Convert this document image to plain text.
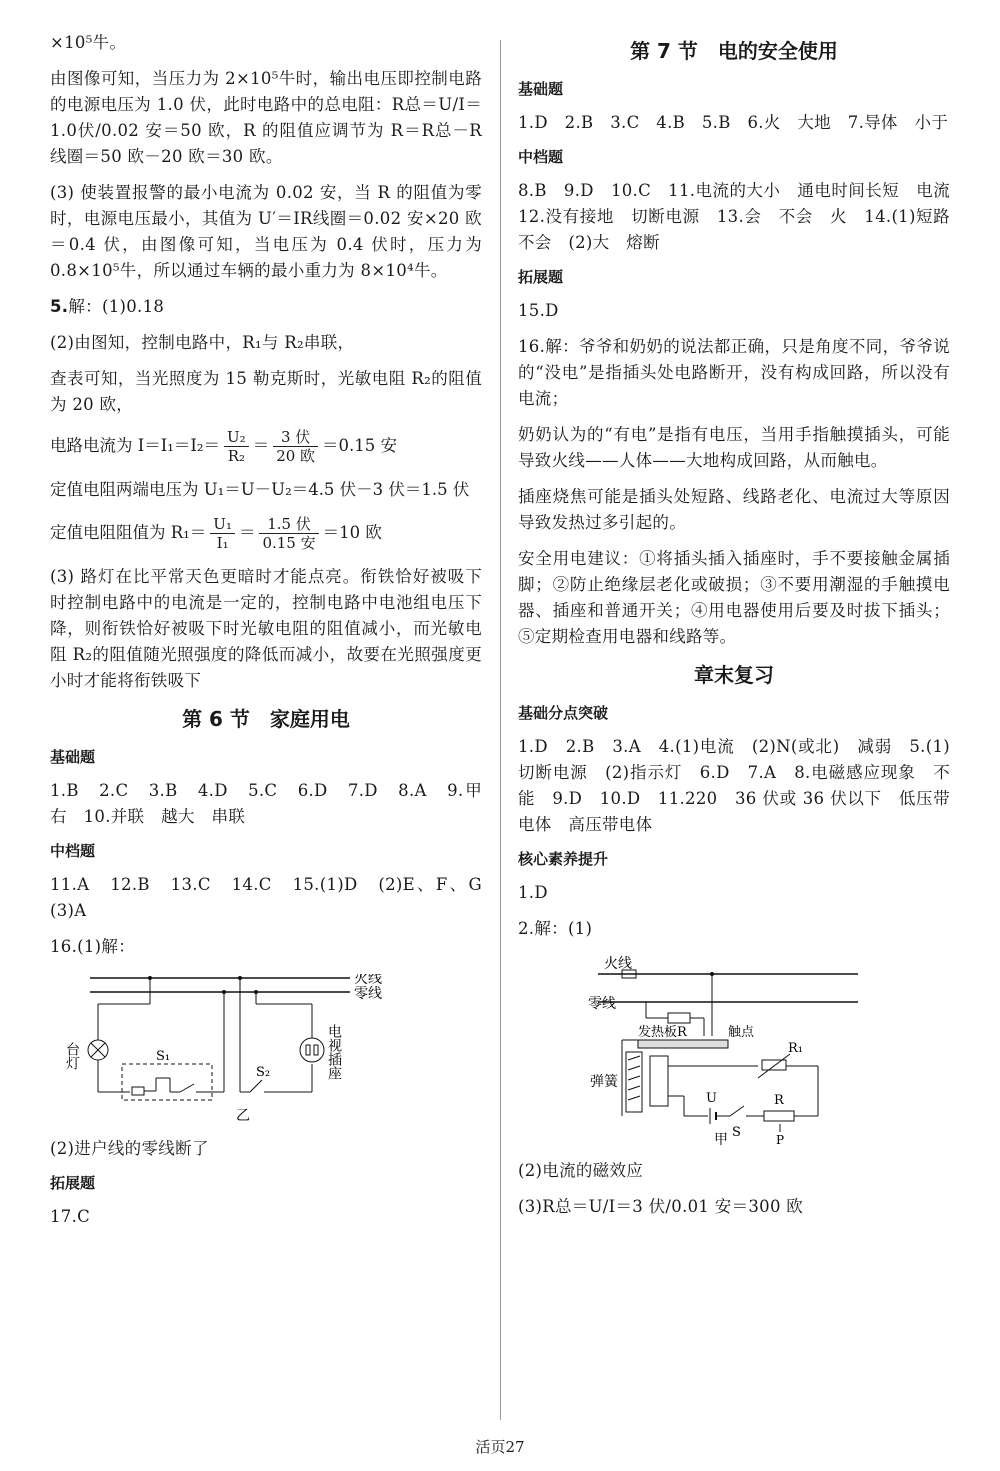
×10⁵牛。

由图像可知，当压力为 2×10⁵牛时，输出电压即控制电路的电源电压为 1.0 伏，此时电路中的总电阻：R总＝U/I＝1.0伏/0.02 安＝50 欧，R 的阻值应调节为 R＝R总－R线圈＝50 欧－20 欧＝30 欧。

(3) 使装置报警的最小电流为 0.02 安，当 R 的阻值为零时，电源电压最小，其值为 U′＝IR线圈＝0.02 安×20 欧＝0.4 伏，由图像可知，当电压为 0.4 伏时，压力为 0.8×10⁵牛，所以通过车辆的最小重力为 8×10⁴牛。

5.解：(1)0.18

(2)由图知，控制电路中，R₁与 R₂串联，

查表可知，当光照度为 15 勒克斯时，光敏电阻 R₂的阻值为 20 欧，

电路电流为 $I=I_1=I_2= \frac{\text{U₂}}{\text{R₂}} = \frac{\text{3 伏}}{\text{20 欧}} =0.15$ 安
定值电阻两端电压为 U₁＝U－U₂＝4.5 伏－3 伏＝1.5 伏
定值电阻阻值为 $R_1= \frac{\text{U₁}}{\text{I₁}} = \frac{\text{1.5 伏}}{\text{0.15 安}} =10$ 欧

(3) 路灯在比平常天色更暗时才能点亮。衔铁恰好被吸下时控制电路中的电流是一定的，控制电路中电池组电压下降，则衔铁恰好被吸下时光敏电阻的阻值减小，而光敏电阻 R₂的阻值随光照强度的降低而减小，故要在光照强度更小时才能将衔铁吸下

第 6 节　家庭用电
基础题

1.B　2.C　3.B　4.D　5.C　6.D　7.D　8.A　9.甲　右　10.并联　越大　串联

中档题

11.A　12.B　13.C　14.C　15.(1)D　(2)E、F、G　(3)A

16.(1)解：

火线
零线
台灯	S₁
S₂	电视插座
乙

(2)进户线的零线断了

拓展题

17.C

第 7 节　电的安全使用
基础题

1.D　2.B　3.C　4.B　5.B　6.火　大地　7.导体　小于

中档题

8.B　9.D　10.C　11.电流的大小　通电时间长短　电流　12.没有接地　切断电源　13.会　不会　火　14.(1)短路　不会　(2)大　熔断

拓展题

15.D

16.解：爷爷和奶奶的说法都正确，只是角度不同，爷爷说的“没电”是指插头处电路断开，没有构成回路，所以没有电流；

奶奶认为的“有电”是指有电压，当用手指触摸插头，可能导致火线——人体——大地构成回路，从而触电。

插座烧焦可能是插头处短路、线路老化、电流过大等原因导致发热过多引起的。

安全用电建议：①将插头插入插座时，手不要接触金属插脚；②防止绝缘层老化或破损；③不要用潮湿的手触摸电器、插座和普通开关；④用电器使用后要及时拔下插头；⑤定期检查用电器和线路等。

章末复习
基础分点突破

1.D　2.B　3.A　4.(1)电流　(2)N(或北)　减弱　5.(1)切断电源　(2)指示灯　6.D　7.A　8.电磁感应现象　不能　9.D　10.D　11.220　36 伏或 36 伏以下　低压带电体　高压带电体

核心素养提升

1.D

2.解：(1)

火线
零线
发热板R	触点
弹簧
R₁
U
S
R
P
甲

(2)电流的磁效应

(3)R总＝U/I＝3 伏/0.01 安＝300 欧

活页27
